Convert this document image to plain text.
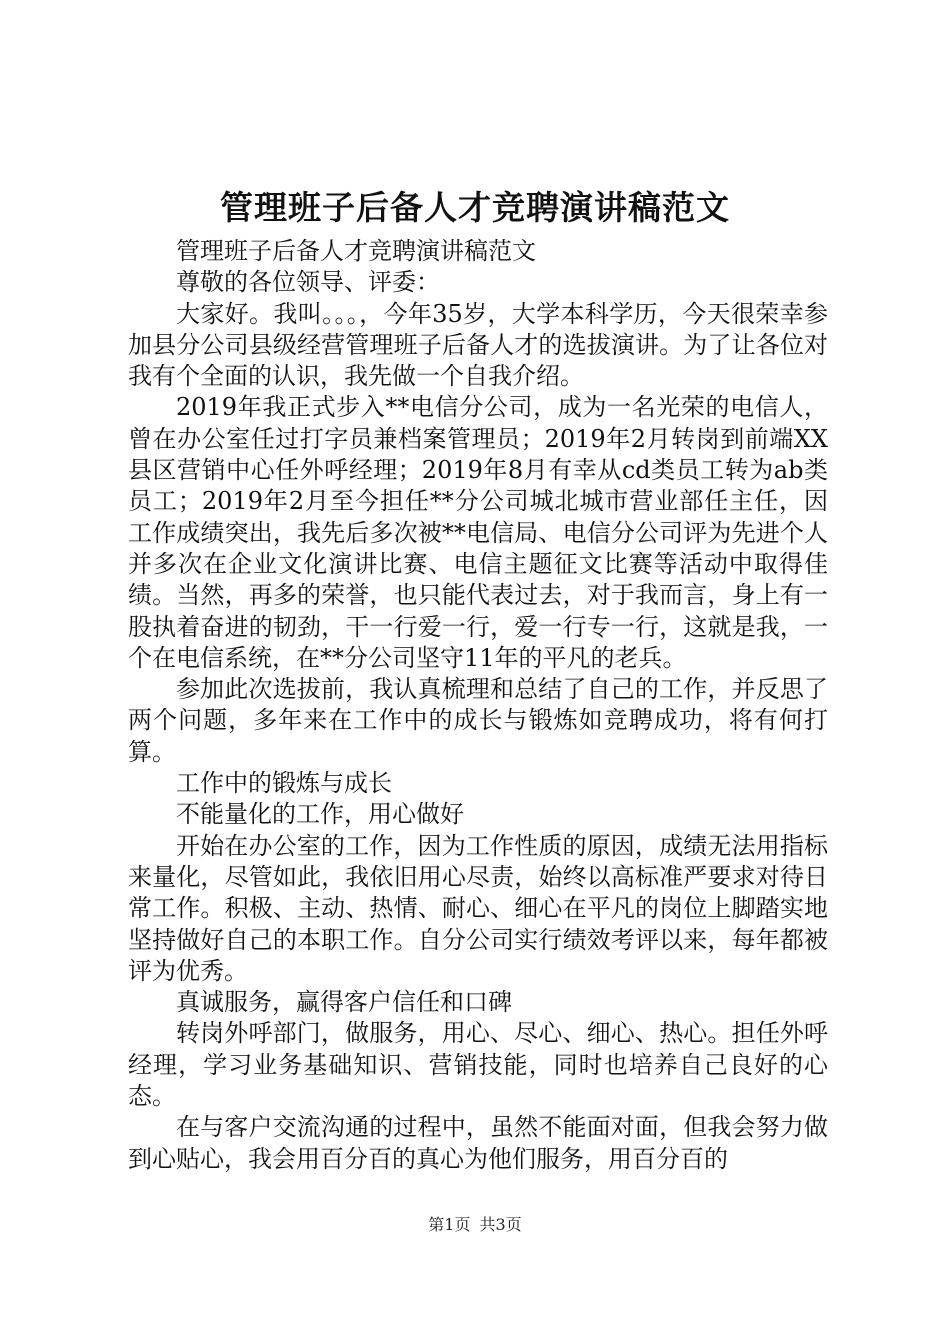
管理班子后备人才竞聘演讲稿范文

管理班子后备人才竞聘演讲稿范文

尊敬的各位领导、评委：

大家好。我叫。。。，今年35岁，大学本科学历，今天很荣幸参加县分公司县级经营管理班子后备人才的选拔演讲。为了让各位对我有个全面的认识，我先做一个自我介绍。

2019年我正式步入**电信分公司，成为一名光荣的电信人，曾在办公室任过打字员兼档案管理员；2019年2月转岗到前端XX县区营销中心任外呼经理；2019年8月有幸从cd类员工转为ab类员工；2019年2月至今担任**分公司城北城市营业部任主任，因工作成绩突出，我先后多次被**电信局、电信分公司评为先进个人并多次在企业文化演讲比赛、电信主题征文比赛等活动中取得佳绩。当然，再多的荣誉，也只能代表过去，对于我而言，身上有一股执着奋进的韧劲，干一行爱一行，爱一行专一行，这就是我，一个在电信系统，在**分公司坚守11年的平凡的老兵。

参加此次选拔前，我认真梳理和总结了自己的工作，并反思了两个问题，多年来在工作中的成长与锻炼如竞聘成功，将有何打算。

工作中的锻炼与成长

不能量化的工作，用心做好

开始在办公室的工作，因为工作性质的原因，成绩无法用指标来量化，尽管如此，我依旧用心尽责，始终以高标准严要求对待日常工作。积极、主动、热情、耐心、细心在平凡的岗位上脚踏实地坚持做好自己的本职工作。自分公司实行绩效考评以来，每年都被评为优秀。

真诚服务，赢得客户信任和口碑

转岗外呼部门，做服务，用心、尽心、细心、热心。担任外呼经理，学习业务基础知识、营销技能，同时也培养自己良好的心态。

在与客户交流沟通的过程中，虽然不能面对面，但我会努力做到心贴心，我会用百分百的真心为他们服务，用百分百的

第1页 共3页
